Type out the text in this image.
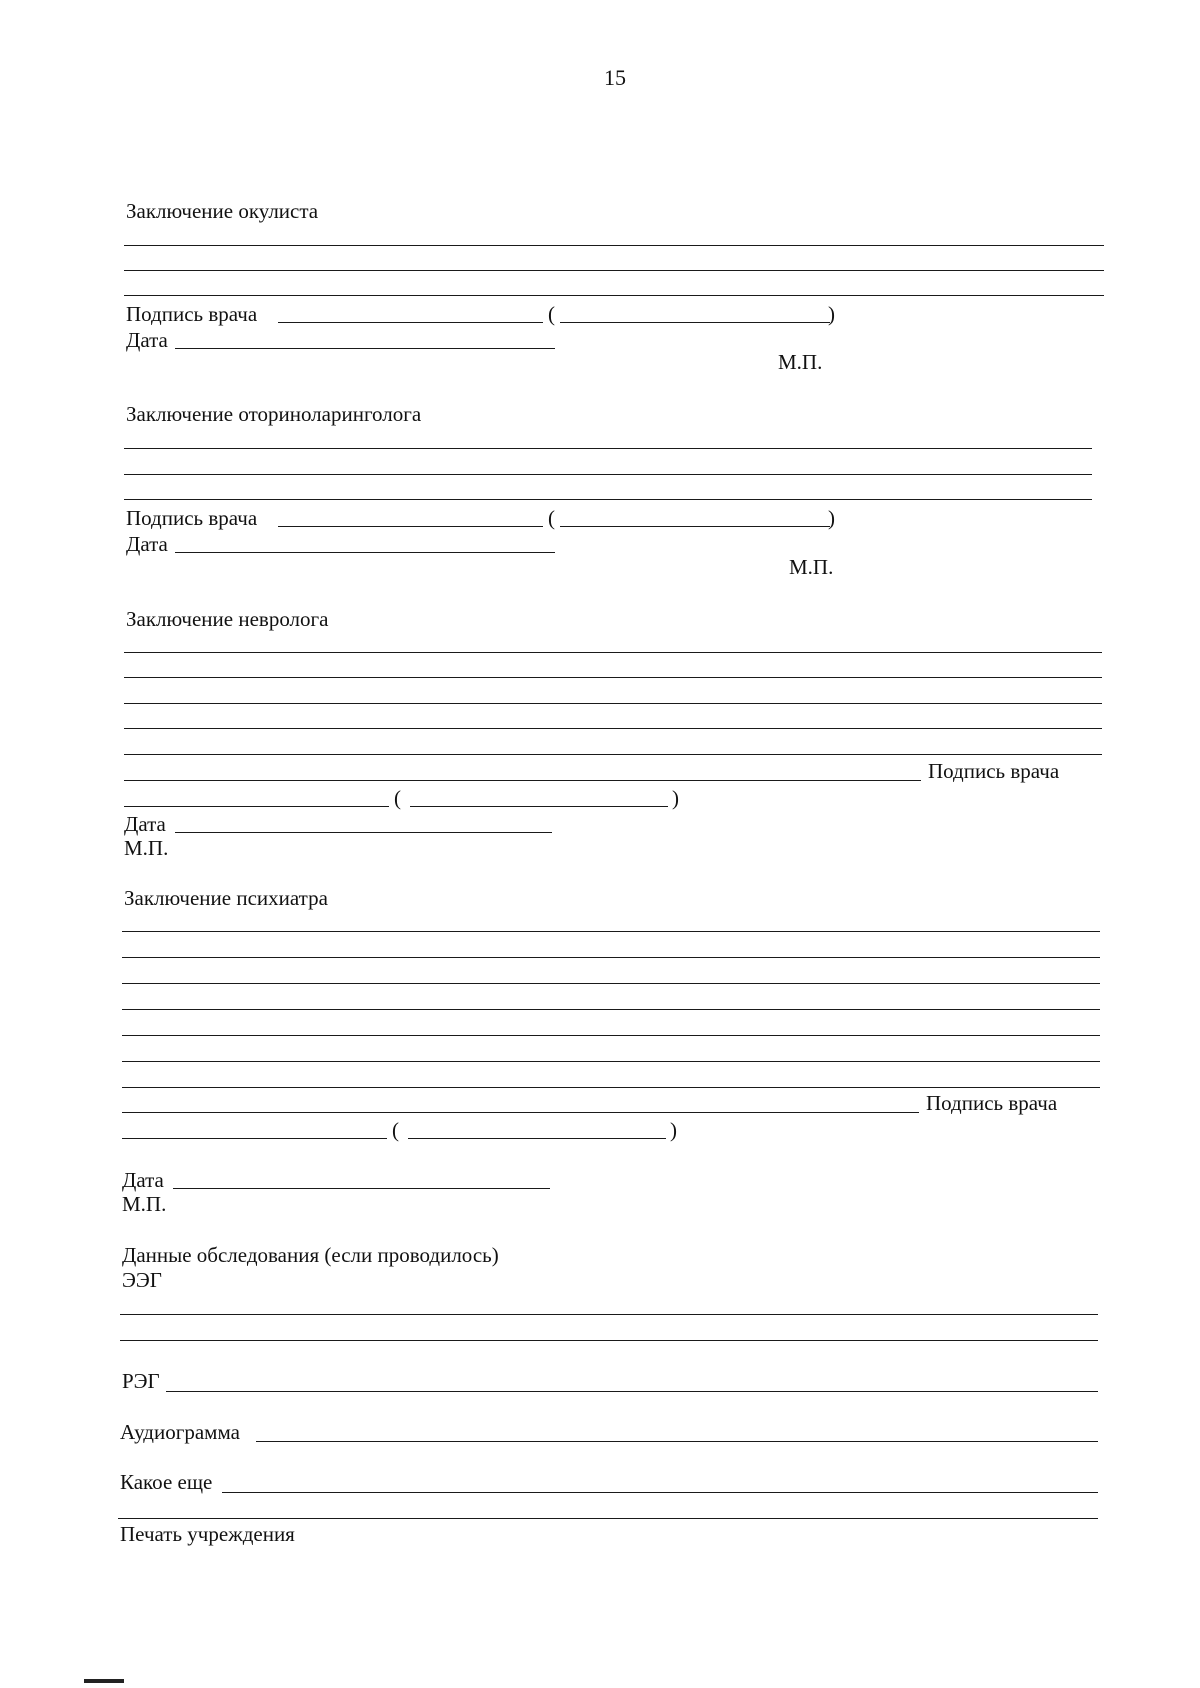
15
Заключение окулиста
Подпись врача	(	)
Дата
М.П.
Заключение оториноларинголога
Подпись врача	(	)
Дата
М.П.
Заключение невролога
Подпись врача
(	)
Дата
М.П.
Заключение психиатра
Подпись врача
(	)
Дата
М.П.
Данные обследования (если проводилось)
ЭЭГ
РЭГ
Аудиограмма
Какое еще
Печать учреждения
